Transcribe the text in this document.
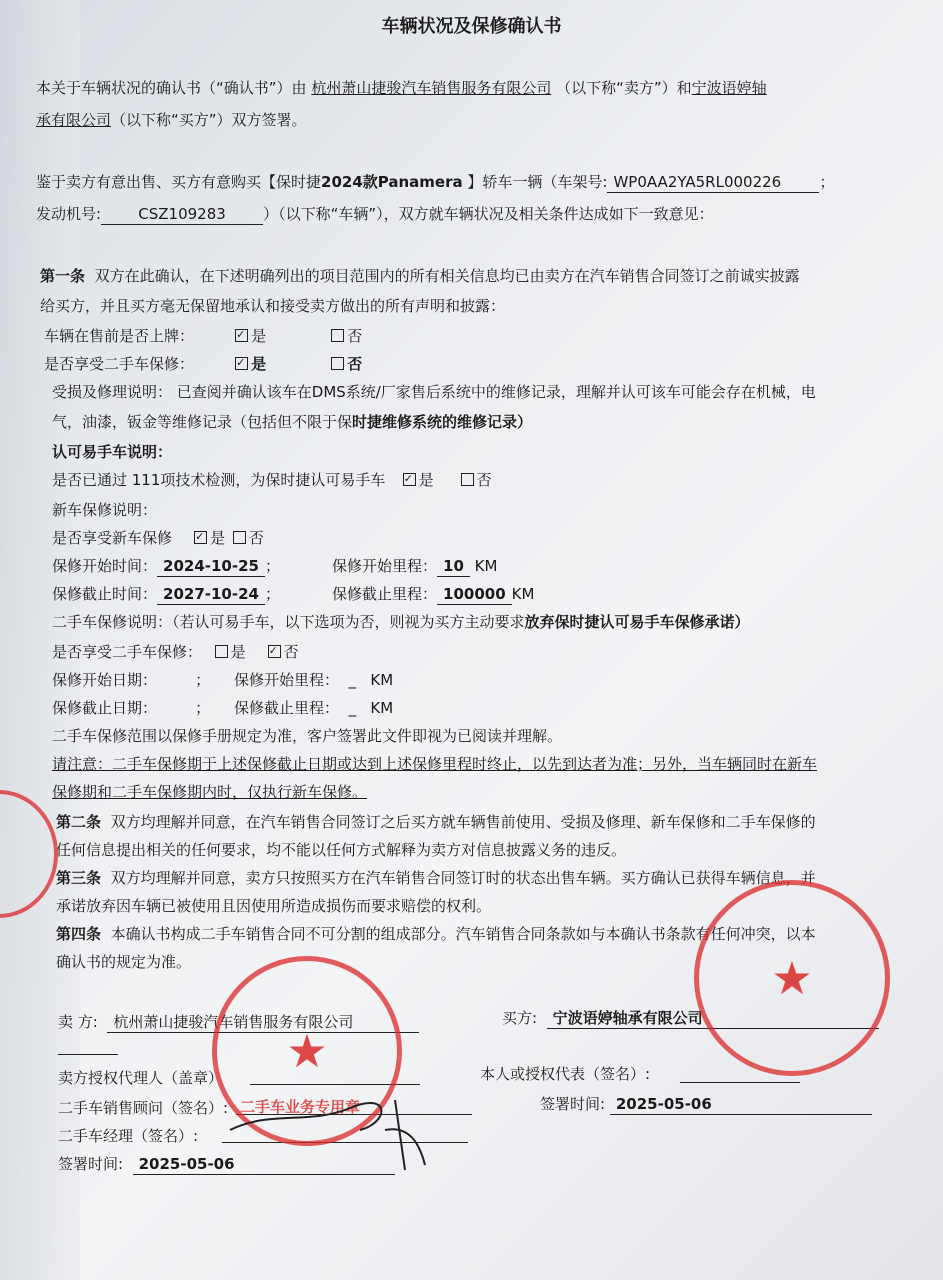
车辆状况及保修确认书
本关于车辆状况的确认书（“确认书”）由 杭州萧山捷骏汽车销售服务有限公司 （以下称“卖方”）和宁波语婷轴
承有限公司（以下称“买方”）双方签署。
鉴于卖方有意出售、买方有意购买【保时捷2024款Panamera 】轿车一辆（车架号: WP0AA2YA5RL000226	；
发动机号: CSZ109283 ）（以下称“车辆”），双方就车辆状况及相关条件达成如下一致意见：
第一条 双方在此确认，在下述明确列出的项目范围内的所有相关信息均已由卖方在汽车销售合同签订之前诚实披露
给买方，并且买方毫无保留地承认和接受卖方做出的所有声明和披露：
车辆在售前是否上牌： ✓	是	否
是否享受二手车保修： ✓	是	否
受损及修理说明： 已查阅并确认该车在DMS系统/厂家售后系统中的维修记录，理解并认可该车可能会存在机械，电
气，油漆，钣金等维修记录（包括但不限于保时捷维修系统的维修记录）
认可易手车说明：
是否已通过 111项技术检测，为保时捷认可易手车 ✓ 是	否
新车保修说明：
是否享受新车保修 ✓	是 否
保修开始时间： 2024-10-25 ；	保修开始里程： 10 KM
保修截止时间： 2027-10-24 ；	保修截止里程： 100000 KM
二手车保修说明：（若认可易手车，以下选项为否，则视为买方主动要求放弃保时捷认可易手车保修承诺）
是否享受二手车保修： 是 ✓	否
保修开始日期：	； 保修开始里程： _ KM
保修截止日期：	； 保修截止里程： _ KM
二手车保修范围以保修手册规定为准，客户签署此文件即视为已阅读并理解。
请注意：二手车保修期于上述保修截止日期或达到上述保修里程时终止，以先到达者为准；另外，当车辆同时在新车
保修期和二手车保修期内时，仅执行新车保修。
第二条 双方均理解并同意，在汽车销售合同签订之后买方就车辆售前使用、受损及修理、新车保修和二手车保修的
任何信息提出相关的任何要求，均不能以任何方式解释为卖方对信息披露义务的违反。
第三条 双方均理解并同意，卖方只按照买方在汽车销售合同签订时的状态出售车辆。买方确认已获得车辆信息，并
承诺放弃因车辆已被使用且因使用所造成损伤而要求赔偿的权利。
第四条 本确认书构成二手车销售合同不可分割的组成部分。汽车销售合同条款如与本确认书条款有任何冲突，以本
确认书的规定为准。
卖 方: 杭州萧山捷骏汽车销售服务有限公司	买方: 宁波语婷轴承有限公司
卖方授权代理人（盖章）	本人或授权代表（签名）:
二手车销售顾问（签名）:	签署时间: 2025-05-06
二手车经理（签名）:
签署时间: 2025-05-06
★
二手车业务专用章
★
